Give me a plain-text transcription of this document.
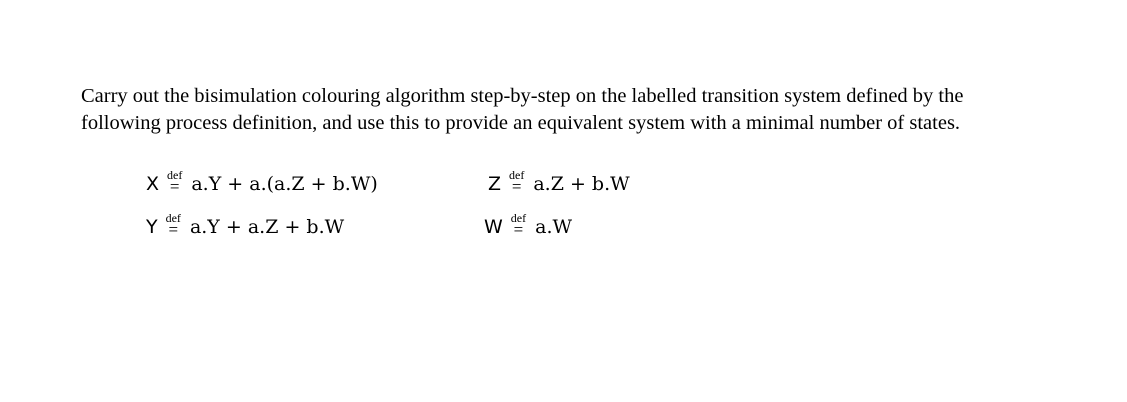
Carry out the bisimulation colouring algorithm step-by-step on the labelled transition system defined by the
following process definition, and use this to provide an equivalent system with a minimal number of states.
X def
= a.Y + a.(a.Z + b.W)
Y def
= a.Y + a.Z + b.W
Z def
= a.Z + b.W
W def
= a.W
